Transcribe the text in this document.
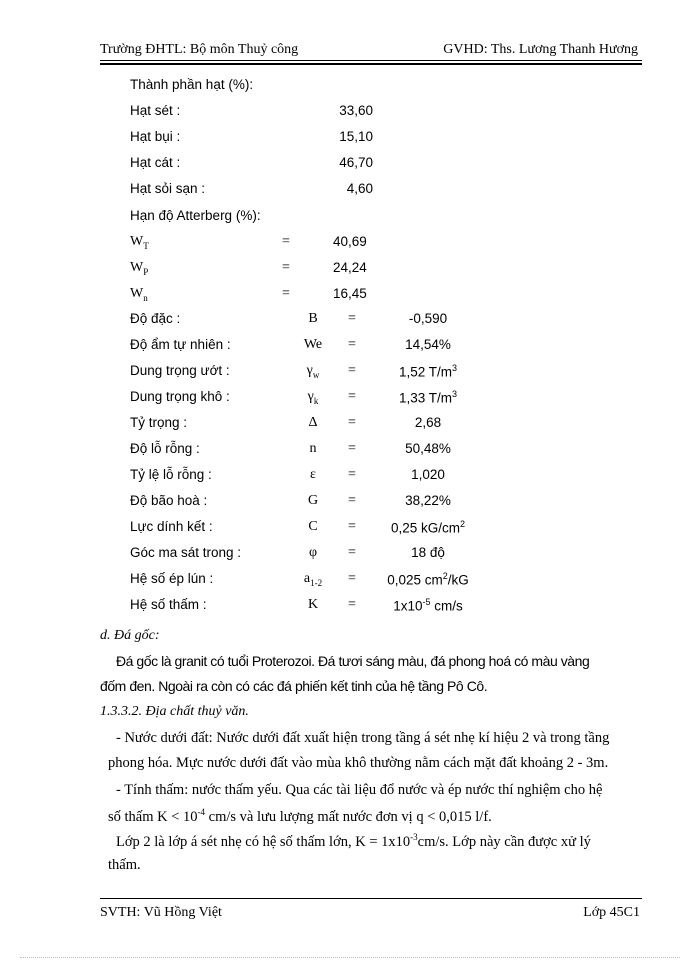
Trường ĐHTL: Bộ môn Thuỷ công	GVHD: Ths. Lương Thanh Hương
Thành phần hạt (%):
Hạt sét :	33,60
Hạt bụi :	15,10
Hạt cát :	46,70
Hạt sỏi sạn :	4,60
Hạn độ Atterberg (%):
$W_T$	=	40,69
$W_P$	=	24,24
$W_n$	=	16,45
Độ đặc :	B	=	-0,590
Độ ẩm tự nhiên :	We	=	14,54%
Dung trọng ướt :	$\gamma_w$	=	1,52 $T/m^3$
Dung trọng khô :	$\gamma_k$	=	1,33 $T/m^3$
Tỷ trọng :	Δ	=	2,68
Độ lỗ rỗng :	n	=	50,48%
Tỷ lệ lỗ rỗng :	ε	=	1,020
Độ bão hoà :	G	=	38,22%
Lực dính kết :	C	=	0,25 $kG/cm^2$
Góc ma sát trong :	φ	=	18 độ
Hệ số ép lún :	$a_{1-2}$	=	0,025 $cm^2/kG$
Hệ số thấm :	K	=	$1x10^{-5}$ cm/s
d. Đá gốc:
Đá gốc là granit có tuổi Proterozoi. Đá tươi sáng màu, đá phong hoá có màu vàng
đốm đen. Ngoài ra còn có các đá phiến kết tinh của hệ tầng Pô Cô.
1.3.3.2. Địa chất thuỷ văn.
- Nước dưới đất: Nước dưới đất xuất hiện trong tầng á sét nhẹ kí hiệu 2 và trong tầng
phong hóa. Mực nước dưới đất vào mùa khô thường nằm cách mặt đất khoảng 2 - 3m.
- Tính thấm: nước thấm yếu. Qua các tài liệu đổ nước và ép nước thí nghiệm cho hệ
số thấm $K < 10^{-4}$ cm/s và lưu lượng mất nước đơn vị q < 0,015 l/f.
Lớp 2 là lớp á sét nhẹ có hệ số thấm lớn, $K = 1x10^{-3}cm/s$. Lớp này cần được xử lý
thấm.
SVTH: Vũ Hồng Việt	Lớp 45C1
